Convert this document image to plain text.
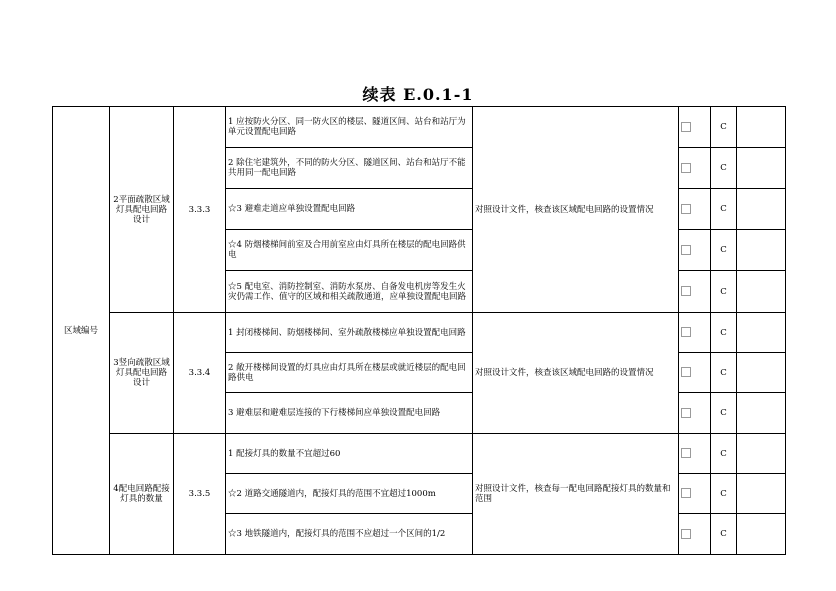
续表 E.0.1-1
区域编号	2平面疏散区域灯具配电回路设计	3.3.3	1 应按防火分区、同一防火区的楼层、隧道区间、站台和站厅为单元设置配电回路	对照设计文件，核查该区域配电回路的设置情况		C	
			2 除住宅建筑外，不同的防火分区、隧道区间、站台和站厅不能共用同一配电回路			C	
			☆3 避难走道应单独设置配电回路			C	
			☆4 防烟楼梯间前室及合用前室应由灯具所在楼层的配电回路供电			C	
			☆5 配电室、消防控制室、消防水泵房、自备发电机房等发生火灾仍需工作、值守的区域和相关疏散通道，应单独设置配电回路			C	
	3竖向疏散区域灯具配电回路设计	3.3.4	1 封闭楼梯间、防烟楼梯间、室外疏散楼梯应单独设置配电回路	对照设计文件，核查该区域配电回路的设置情况		C	
			2 敞开楼梯间设置的灯具应由灯具所在楼层或就近楼层的配电回路供电			C	
			3 避难层和避难层连接的下行楼梯间应单独设置配电回路			C	
	4配电回路配接灯具的数量	3.3.5	1 配接灯具的数量不宜超过60	对照设计文件，核查每一配电回路配接灯具的数量和范围		C	
			☆2 道路交通隧道内，配接灯具的范围不宜超过1000m			C	
			☆3 地铁隧道内，配接灯具的范围不应超过一个区间的1/2			C	
